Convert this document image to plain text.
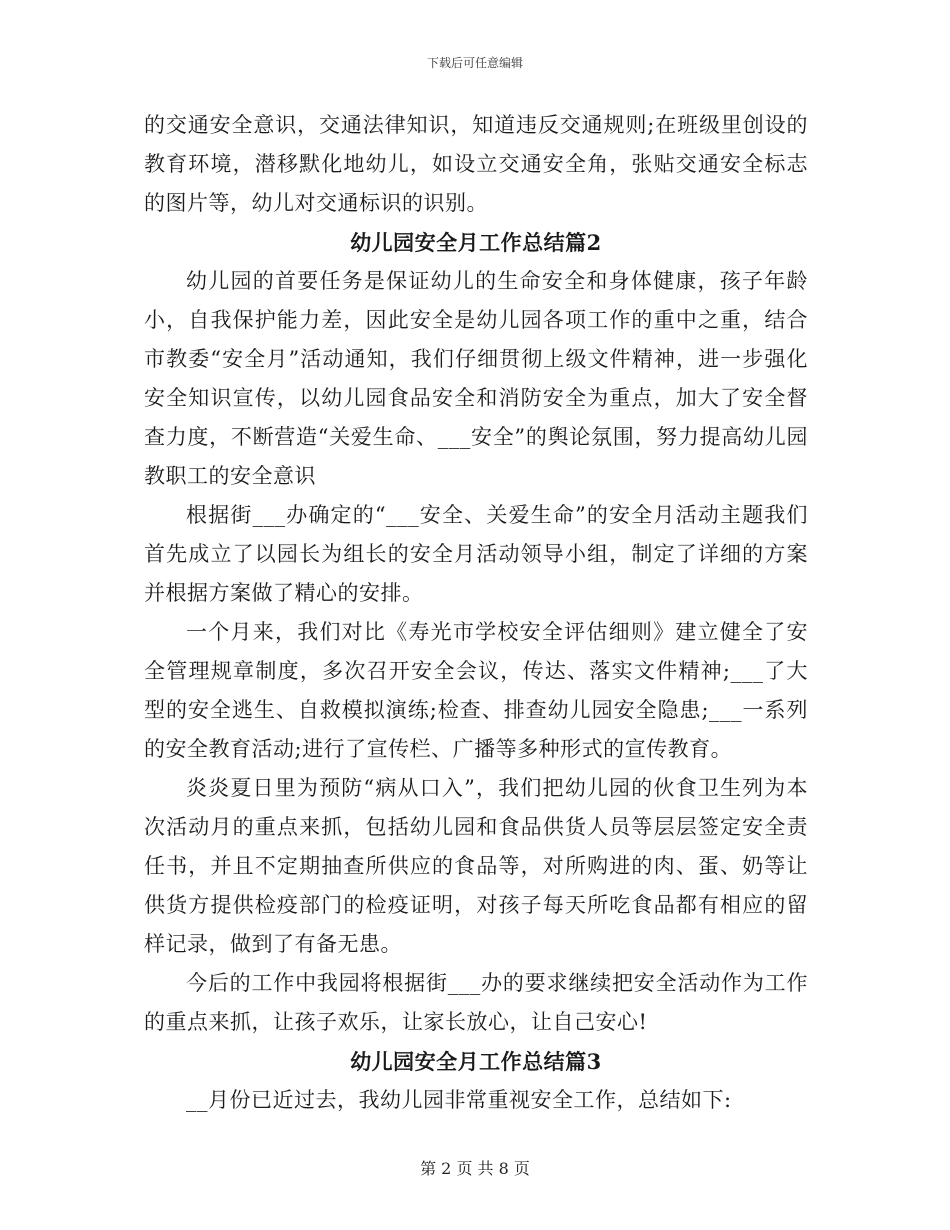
下载后可任意编辑

的交通安全意识，交通法律知识，知道违反交通规则;在班级里创设的教育环境，潜移默化地幼儿，如设立交通安全角，张贴交通安全标志的图片等，幼儿对交通标识的识别。

幼儿园安全月工作总结篇2

幼儿园的首要任务是保证幼儿的生命安全和身体健康，孩子年龄小，自我保护能力差，因此安全是幼儿园各项工作的重中之重，结合市教委“安全月”活动通知，我们仔细贯彻上级文件精神，进一步强化安全知识宣传，以幼儿园食品安全和消防安全为重点，加大了安全督查力度，不断营造“关爱生命、___安全”的舆论氛围，努力提高幼儿园教职工的安全意识

根据街___办确定的“___安全、关爱生命”的安全月活动主题我们首先成立了以园长为组长的安全月活动领导小组，制定了详细的方案并根据方案做了精心的安排。

一个月来，我们对比《寿光市学校安全评估细则》建立健全了安全管理规章制度，多次召开安全会议，传达、落实文件精神;___了大型的安全逃生、自救模拟演练;检查、排查幼儿园安全隐患;___一系列的安全教育活动;进行了宣传栏、广播等多种形式的宣传教育。

炎炎夏日里为预防“病从口入”，我们把幼儿园的伙食卫生列为本次活动月的重点来抓，包括幼儿园和食品供货人员等层层签定安全责任书，并且不定期抽查所供应的食品等，对所购进的肉、蛋、奶等让供货方提供检疫部门的检疫证明，对孩子每天所吃食品都有相应的留样记录，做到了有备无患。

今后的工作中我园将根据街___办的要求继续把安全活动作为工作的重点来抓，让孩子欢乐，让家长放心，让自己安心!

幼儿园安全月工作总结篇3

__月份已近过去，我幼儿园非常重视安全工作，总结如下:

第 2 页 共 8 页
